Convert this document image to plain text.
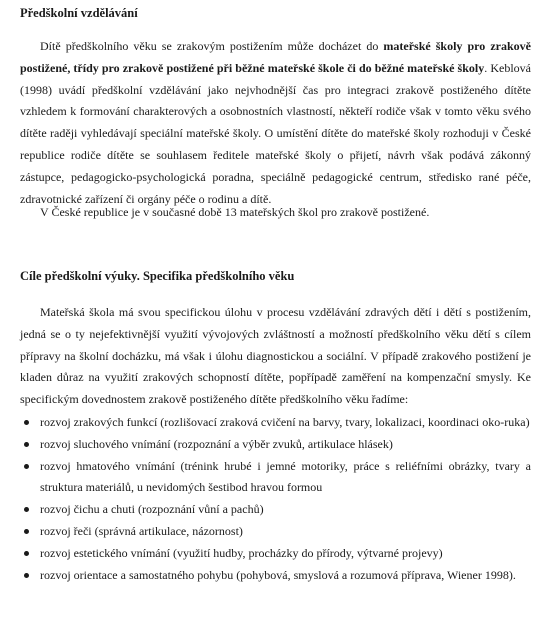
Předškolní vzdělávání

Dítě předškolního věku se zrakovým postižením může docházet do mateřské školy pro zrakově postižené, třídy pro zrakově postižené při běžné mateřské škole či do běžné mateřské školy. Keblová (1998) uvádí předškolní vzdělávání jako nejvhodnější čas pro integraci zrakově postiženého dítěte vzhledem k formování charakterových a osobnostních vlastností, někteří rodiče však v tomto věku svého dítěte raději vyhledávají speciální mateřské školy. O umístění dítěte do mateřské školy rozhoduji v České republice rodiče dítěte se souhlasem ředitele mateřské školy o přijetí, návrh však podává zákonný zástupce, pedagogicko-psychologická poradna, speciálně pedagogické centrum, středisko rané péče, zdravotnické zařízení či orgány péče o rodinu a dítě.

V České republice je v současné době 13 mateřských škol pro zrakově postižené.

Cíle předškolní výuky. Specifika předškolního věku

Mateřská škola má svou specifickou úlohu v procesu vzdělávání zdravých dětí i dětí s postižením, jedná se o ty nejefektivnější využití vývojových zvláštností a možností předškolního věku dětí s cílem přípravy na školní docházku, má však i úlohu diagnostickou a sociální. V případě zrakového postižení je kladen důraz na využití zrakových schopností dítěte, popřípadě zaměření na kompenzační smysly. Ke specifickým dovednostem zrakově postiženého dítěte předškolního věku řadíme:

rozvoj zrakových funkcí (rozlišovací zraková cvičení na barvy, tvary, lokalizaci, koordinaci oko-ruka)
rozvoj sluchového vnímání (rozpoznání a výběr zvuků, artikulace hlásek)
rozvoj hmatového vnímání (trénink hrubé i jemné motoriky, práce s reliéfními obrázky, tvary a struktura materiálů, u nevidomých šestibod hravou formou
rozvoj čichu a chuti (rozpoznání vůní a pachů)
rozvoj řeči (správná artikulace, názornost)
rozvoj estetického vnímání (využití hudby, procházky do přírody, výtvarné projevy)
rozvoj orientace a samostatného pohybu (pohybová, smyslová a rozumová příprava, Wiener 1998).
